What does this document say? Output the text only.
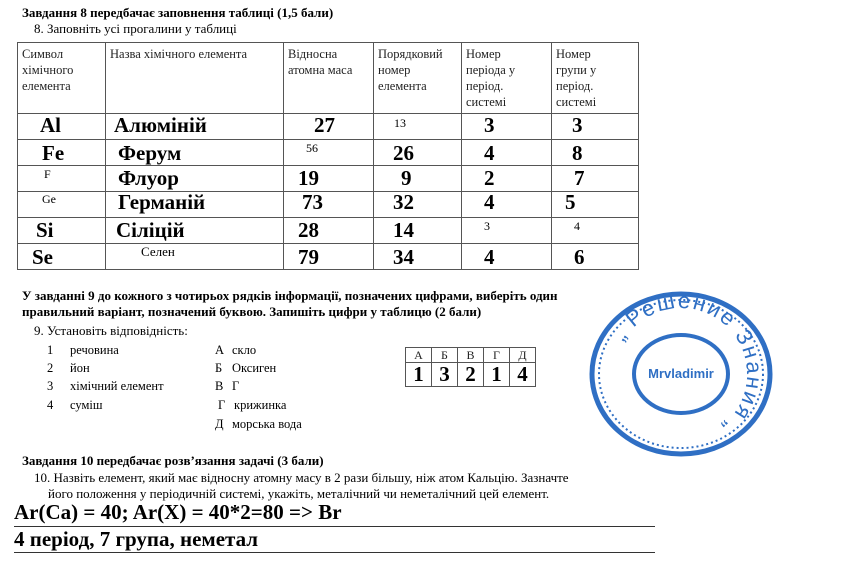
Завдання 8 передбачає заповнення таблиці (1,5 бали)
8. Заповніть усі прогалини у таблиці
Символ
хімічного
елемента	Назва хімічного елемента	Відносна
атомна маса	Порядковий
номер
елемента	Номер
періода у
період.
системі	Номер
групи у
період.
системі

Al	Алюміній	27	13	3	3

Fe	Ферум	56	26	4	8

F	Флуор	19	9	2	7

Ge	Германій	73	32	4	5

Si	Сіліцій	28	14	3	4

Se	Селен	79	34	4	6
У завданні 9 до кожного з чотирьох рядків інформації, позначених цифрами, виберіть один
правильний варіант, позначений буквою. Запишіть цифри у таблицю (2 бали)
9. Установіть відповідність:
1 речовина
2 йон
3 хімічний елемент
4 суміш
А скло
Б Оксиген
В Г
Г крижинка
Д морська вода
А	Б	В	Г	Д
1	3	2	1	4
„ Решение Знания „
Mrvladimir
Завдання 10 передбачає розв’язання задачі (3 бали)
10. Назвіть елемент, який має відносну атомну масу в 2 рази більшу, ніж атом Кальцію. Зазначте
його положення у періодичній системі, укажіть, металічний чи неметалічний цей елемент.
Ar(Ca) = 40; Ar(X) = 40*2=80 => Br
4 період, 7 група, неметал
